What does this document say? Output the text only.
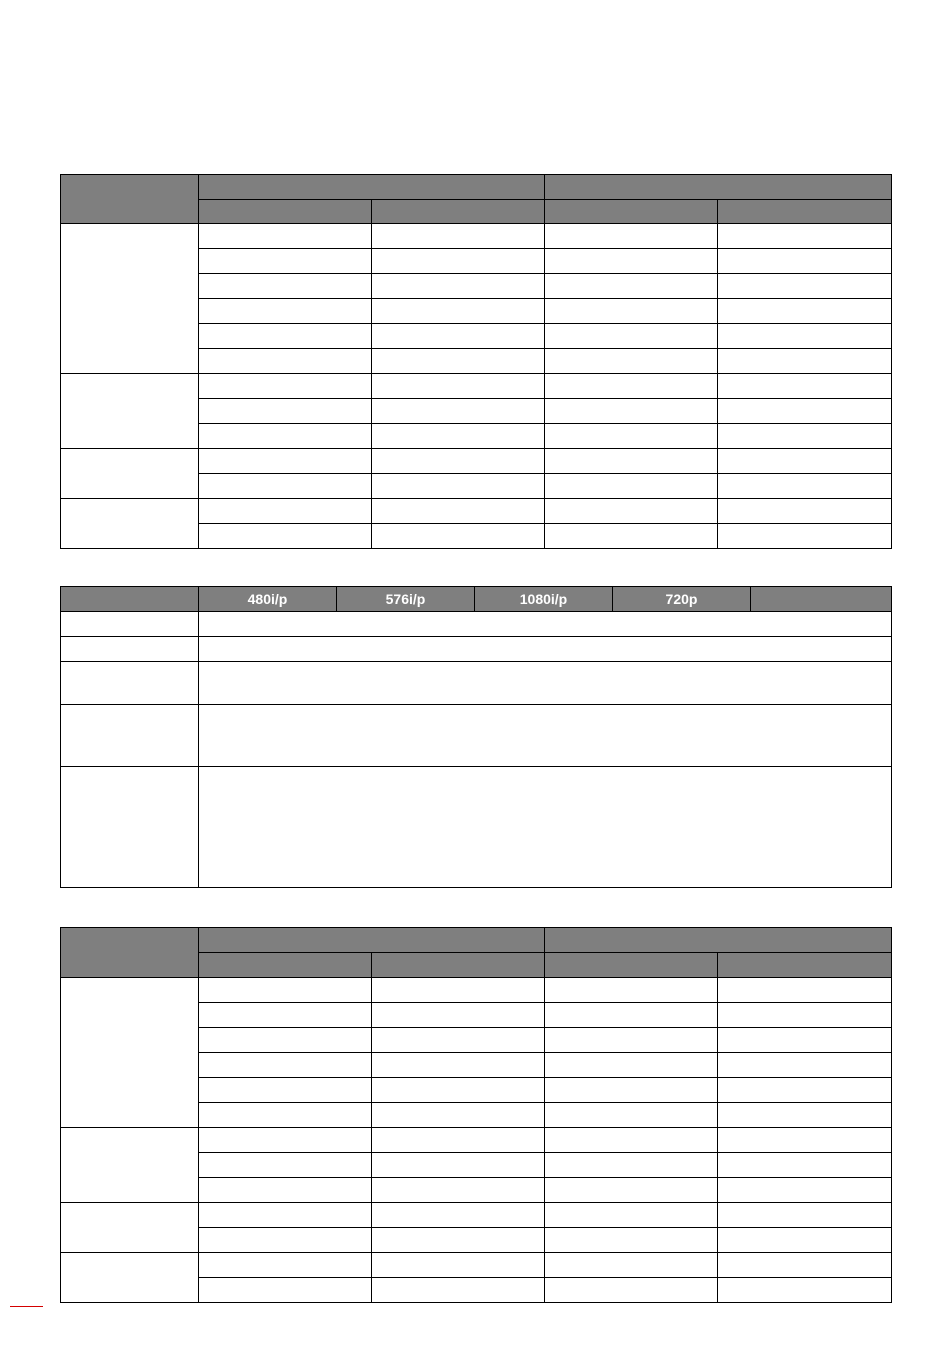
	480i/p	576i/p	1080i/p	720p	
